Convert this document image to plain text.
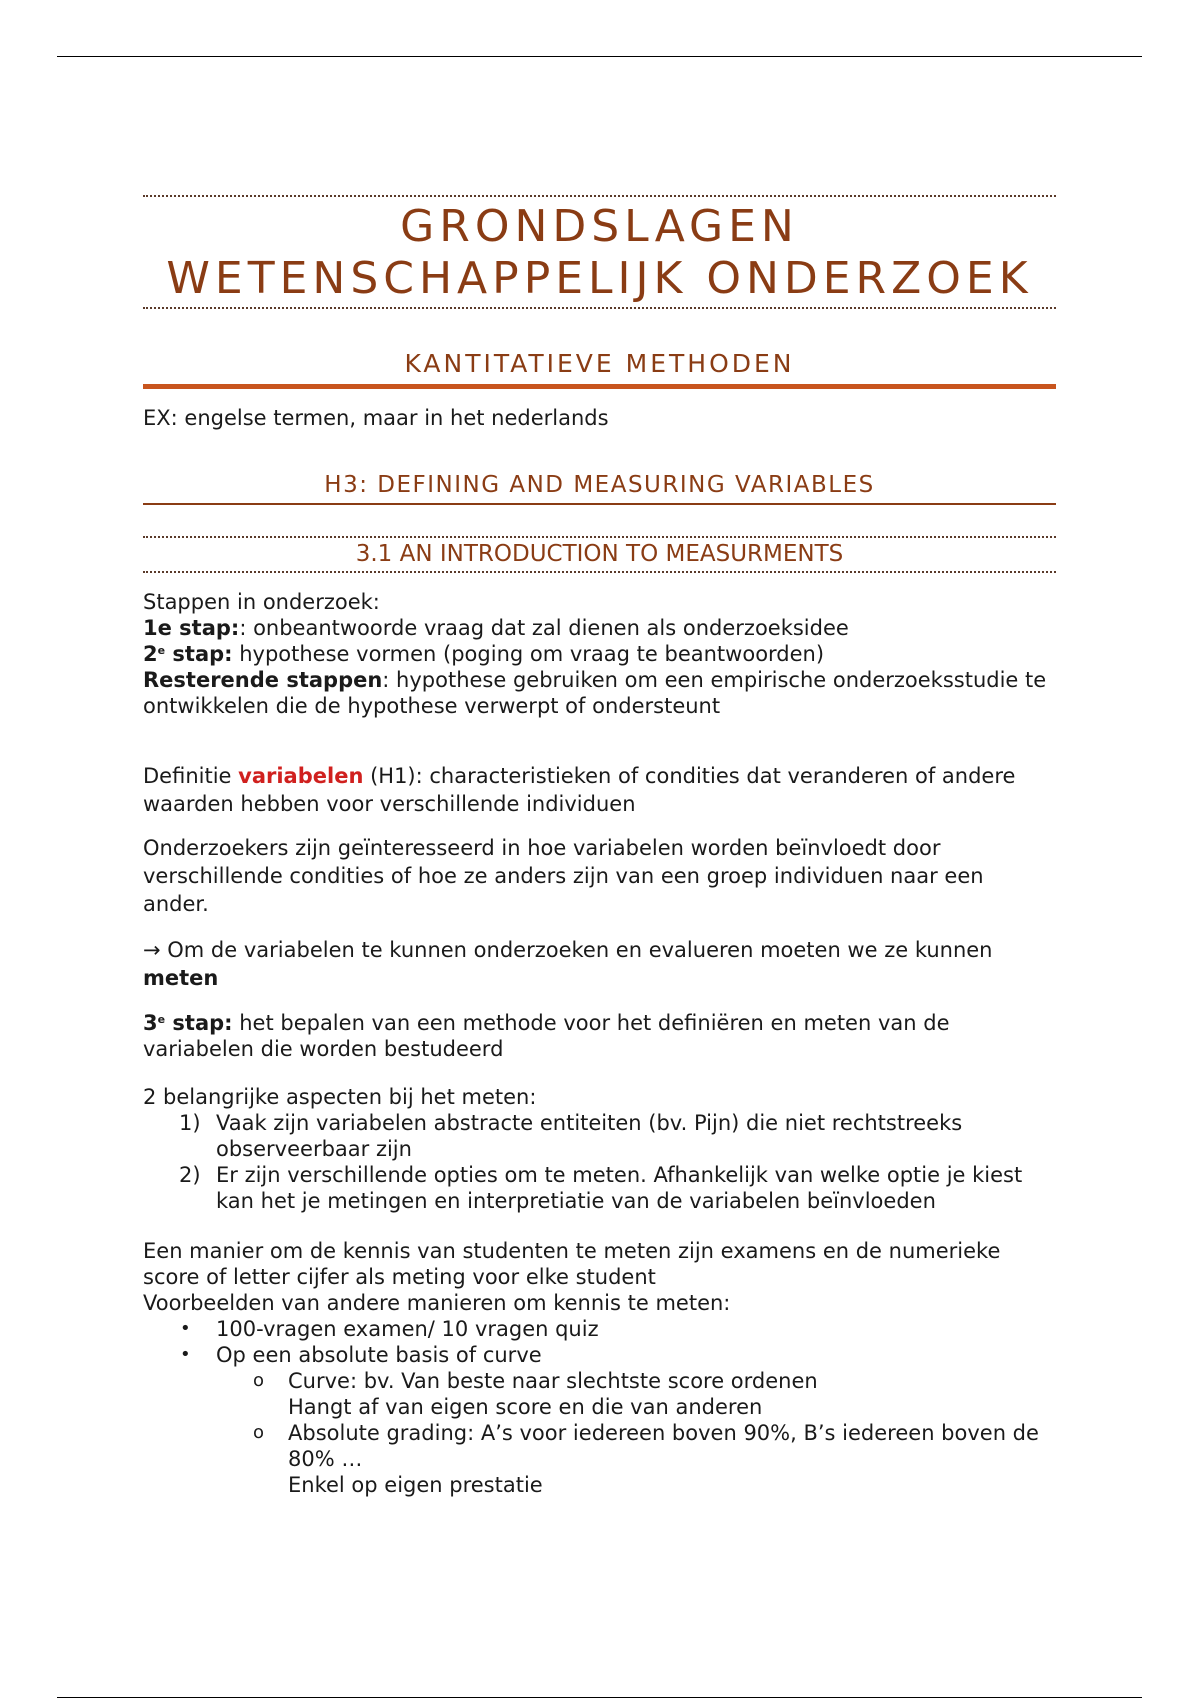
GRONDSLAGEN
WETENSCHAPPELIJK ONDERZOEK
KANTITATIEVE METHODEN

EX: engelse termen, maar in het nederlands

H3: DEFINING AND MEASURING VARIABLES
3.1 AN INTRODUCTION TO MEASURMENTS

Stappen in onderzoek:

1e stap:: onbeantwoorde vraag dat zal dienen als onderzoeksidee

2e stap: hypothese vormen (poging om vraag te beantwoorden)

Resterende stappen: hypothese gebruiken om een empirische onderzoeksstudie te ontwikkelen die de hypothese verwerpt of ondersteunt

Definitie variabelen (H1): characteristieken of condities dat veranderen of andere waarden hebben voor verschillende individuen

Onderzoekers zijn geïnteresseerd in hoe variabelen worden beïnvloedt door verschillende condities of hoe ze anders zijn van een groep individuen naar een ander.

→ Om de variabelen te kunnen onderzoeken en evalueren moeten we ze kunnen meten

3e stap: het bepalen van een methode voor het definiëren en meten van de variabelen die worden bestudeerd

2 belangrijke aspecten bij het meten:

1) Vaak zijn variabelen abstracte entiteiten (bv. Pijn) die niet rechtstreeks observeerbaar zijn
2) Er zijn verschillende opties om te meten. Afhankelijk van welke optie je kiest kan het je metingen en interpretiatie van de variabelen beïnvloeden

Een manier om de kennis van studenten te meten zijn examens en de numerieke score of letter cijfer als meting voor elke student

Voorbeelden van andere manieren om kennis te meten:

• 100-vragen examen/ 10 vragen quiz
• Op een absolute basis of curve
o Curve: bv. Van beste naar slechtste score ordenen
Hangt af van eigen score en die van anderen
o Absolute grading: A’s voor iedereen boven 90%, B’s iedereen boven de 80% …
Enkel op eigen prestatie
